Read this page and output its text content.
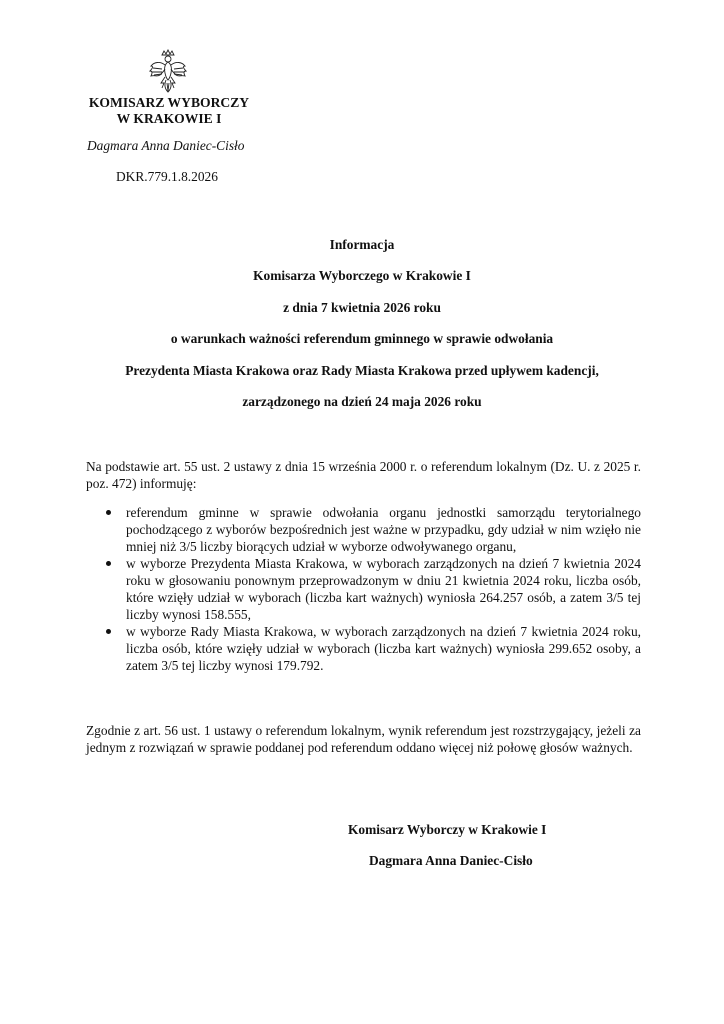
KOMISARZ WYBORCZY
W KRAKOWIE I
Dagmara Anna Daniec-Cisło
DKR.779.1.8.2026
Informacja
Komisarza Wyborczego w Krakowie I
z dnia 7 kwietnia 2026 roku
o warunkach ważności referendum gminnego w sprawie odwołania
Prezydenta Miasta Krakowa oraz Rady Miasta Krakowa przed upływem kadencji,
zarządzonego na dzień 24 maja 2026 roku
Na podstawie art. 55 ust. 2 ustawy z dnia 15 września 2000 r. o referendum lokalnym (Dz. U. z 2025 r. poz. 472) informuję:
referendum gminne w sprawie odwołania organu jednostki samorządu terytorialnego pochodzącego z wyborów bezpośrednich jest ważne w przypadku, gdy udział w nim wzięło nie mniej niż 3/5 liczby biorących udział w wyborze odwoływanego organu,
w wyborze Prezydenta Miasta Krakowa, w wyborach zarządzonych na dzień 7 kwietnia 2024 roku w głosowaniu ponownym przeprowadzonym w dniu 21 kwietnia 2024 roku, liczba osób, które wzięły udział w wyborach (liczba kart ważnych) wyniosła 264.257 osób, a zatem 3/5 tej liczby wynosi 158.555,
w wyborze Rady Miasta Krakowa, w wyborach zarządzonych na dzień 7 kwietnia 2024 roku, liczba osób, które wzięły udział w wyborach (liczba kart ważnych) wyniosła 299.652 osoby, a zatem 3/5 tej liczby wynosi 179.792.
Zgodnie z art. 56 ust. 1 ustawy o referendum lokalnym, wynik referendum jest rozstrzygający, jeżeli za jednym z rozwiązań w sprawie poddanej pod referendum oddano więcej niż połowę głosów ważnych.
Komisarz Wyborczy w Krakowie I
Dagmara Anna Daniec-Cisło
